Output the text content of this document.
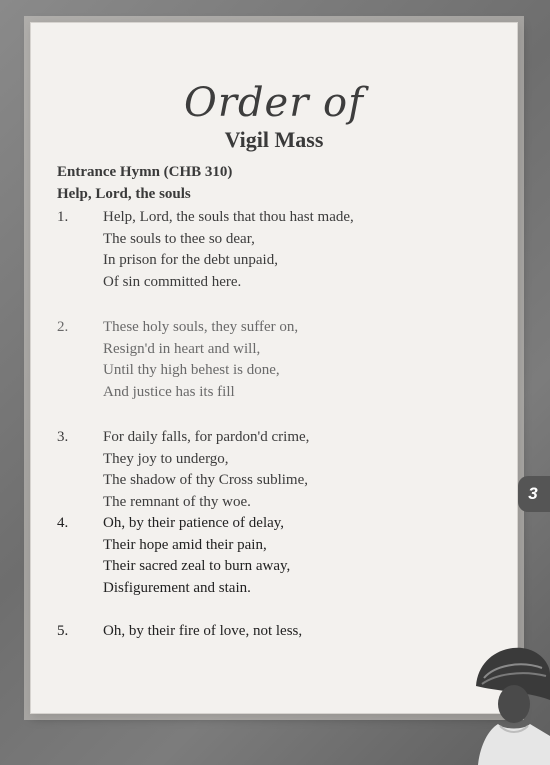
Order of
Vigil Mass
Entrance Hymn (CHB 310)
Help, Lord, the souls
1.	Help, Lord, the souls that thou hast made,
The souls to thee so dear,
In prison for the debt unpaid,
Of sin committed here.
2.	These holy souls, they suffer on,
Resign'd in heart and will,
Until thy high behest is done,
And justice has its fill
3.	For daily falls, for pardon'd crime,
They joy to undergo,
The shadow of thy Cross sublime,
The remnant of thy woe.
4.	Oh, by their patience of delay,
Their hope amid their pain,
Their sacred zeal to burn away,
Disfigurement and stain.
5.	Oh, by their fire of love, not less,
3
